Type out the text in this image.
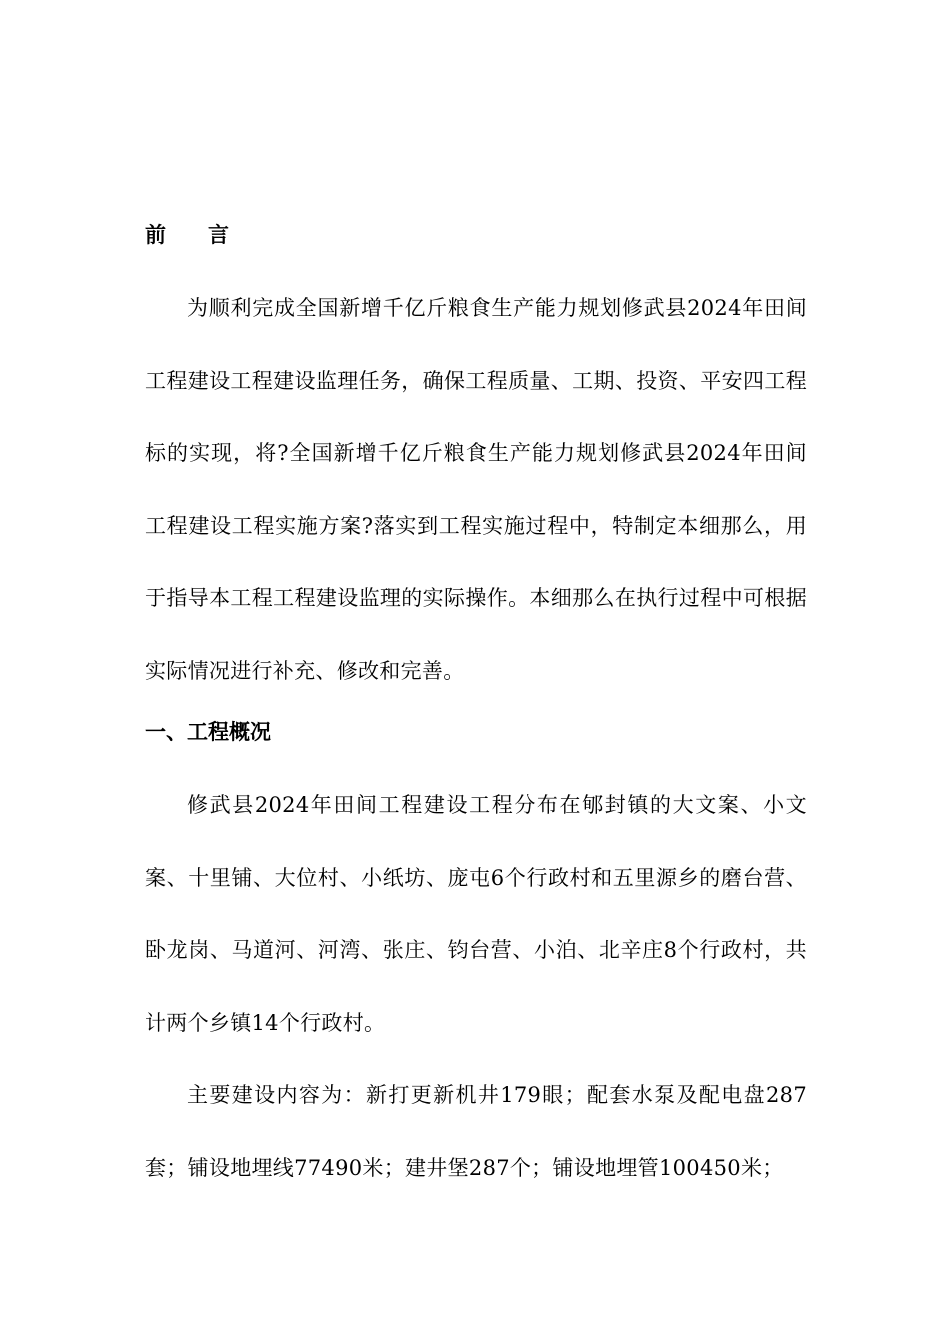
前　　言

为顺利完成全国新增千亿斤粮食生产能力规划修武县2024年田间工程建设工程建设监理任务，确保工程质量、工期、投资、平安四工程标的实现，将?全国新增千亿斤粮食生产能力规划修武县2024年田间工程建设工程实施方案?落实到工程实施过程中，特制定本细那么，用于指导本工程工程建设监理的实际操作。本细那么在执行过程中可根据实际情况进行补充、修改和完善。

一、工程概况

修武县2024年田间工程建设工程分布在郇封镇的大文案、小文案、十里铺、大位村、小纸坊、庞屯6个行政村和五里源乡的磨台营、卧龙岗、马道河、河湾、张庄、钧台营、小泊、北辛庄8个行政村，共计两个乡镇14个行政村。

主要建设内容为：新打更新机井179眼；配套水泵及配电盘287套；铺设地埋线77490米；建井堡287个；铺设地埋管100450米；
